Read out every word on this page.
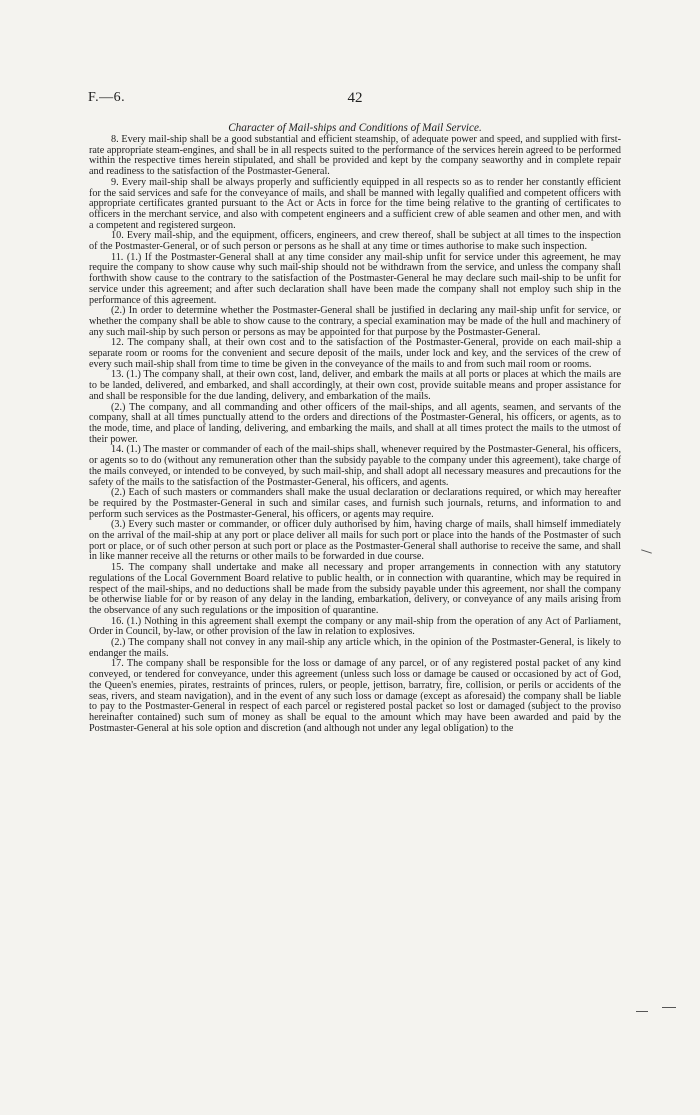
F.—6.	42
Character of Mail-ships and Conditions of Mail Service.

8. Every mail-ship shall be a good substantial and efficient steamship, of adequate power and speed, and supplied with first-rate appropriate steam-engines, and shall be in all respects suited to the performance of the services herein agreed to be performed within the respective times herein stipulated, and shall be provided and kept by the company seaworthy and in complete repair and readiness to the satisfaction of the Postmaster-General.

9. Every mail-ship shall be always properly and sufficiently equipped in all respects so as to render her constantly efficient for the said services and safe for the conveyance of mails, and shall be manned with legally qualified and competent officers with appropriate certificates granted pursuant to the Act or Acts in force for the time being relative to the granting of certificates to officers in the merchant service, and also with competent engineers and a sufficient crew of able seamen and other men, and with a competent and registered surgeon.

10. Every mail-ship, and the equipment, officers, engineers, and crew thereof, shall be subject at all times to the inspection of the Postmaster-General, or of such person or persons as he shall at any time or times authorise to make such inspection.

11. (1.) If the Postmaster-General shall at any time consider any mail-ship unfit for service under this agreement, he may require the company to show cause why such mail-ship should not be withdrawn from the service, and unless the company shall forthwith show cause to the contrary to the satisfaction of the Postmaster-General he may declare such mail-ship to be unfit for service under this agreement; and after such declaration shall have been made the company shall not employ such ship in the performance of this agreement.

(2.) In order to determine whether the Postmaster-General shall be justified in declaring any mail-ship unfit for service, or whether the company shall be able to show cause to the contrary, a special examination may be made of the hull and machinery of any such mail-ship by such person or persons as may be appointed for that purpose by the Postmaster-General.

12. The company shall, at their own cost and to the satisfaction of the Postmaster-General, provide on each mail-ship a separate room or rooms for the convenient and secure deposit of the mails, under lock and key, and the services of the crew of every such mail-ship shall from time to time be given in the conveyance of the mails to and from such mail room or rooms.

13. (1.) The company shall, at their own cost, land, deliver, and embark the mails at all ports or places at which the mails are to be landed, delivered, and embarked, and shall accordingly, at their own cost, provide suitable means and proper assistance for and shall be responsible for the due landing, delivery, and embarkation of the mails.

(2.) The company, and all commanding and other officers of the mail-ships, and all agents, seamen, and servants of the company, shall at all times punctually attend to the orders and directions of the Postmaster-General, his officers, or agents, as to the mode, time, and place of landing, delivering, and embarking the mails, and shall at all times protect the mails to the utmost of their power.

14. (1.) The master or commander of each of the mail-ships shall, whenever required by the Postmaster-General, his officers, or agents so to do (without any remuneration other than the subsidy payable to the company under this agreement), take charge of the mails conveyed, or intended to be conveyed, by such mail-ship, and shall adopt all necessary measures and precautions for the safety of the mails to the satisfaction of the Postmaster-General, his officers, and agents.

(2.) Each of such masters or commanders shall make the usual declaration or declarations required, or which may hereafter be required by the Postmaster-General in such and similar cases, and furnish such journals, returns, and information to and perform such services as the Postmaster-General, his officers, or agents may require.

(3.) Every such master or commander, or officer duly authorised by him, having charge of mails, shall himself immediately on the arrival of the mail-ship at any port or place deliver all mails for such port or place into the hands of the Postmaster of such port or place, or of such other person at such port or place as the Postmaster-General shall authorise to receive the same, and shall in like manner receive all the returns or other mails to be forwarded in due course.

15. The company shall undertake and make all necessary and proper arrangements in connection with any statutory regulations of the Local Government Board relative to public health, or in connection with quarantine, which may be required in respect of the mail-ships, and no deductions shall be made from the subsidy payable under this agreement, nor shall the company be otherwise liable for or by reason of any delay in the landing, embarkation, delivery, or conveyance of any mails arising from the observance of any such regulations or the imposition of quarantine.

16. (1.) Nothing in this agreement shall exempt the company or any mail-ship from the operation of any Act of Parliament, Order in Council, by-law, or other provision of the law in relation to explosives.

(2.) The company shall not convey in any mail-ship any article which, in the opinion of the Postmaster-General, is likely to endanger the mails.

17. The company shall be responsible for the loss or damage of any parcel, or of any registered postal packet of any kind conveyed, or tendered for conveyance, under this agreement (unless such loss or damage be caused or occasioned by act of God, the Queen's enemies, pirates, restraints of princes, rulers, or people, jettison, barratry, fire, collision, or perils or accidents of the seas, rivers, and steam navigation), and in the event of any such loss or damage (except as aforesaid) the company shall be liable to pay to the Postmaster-General in respect of each parcel or registered postal packet so lost or damaged (subject to the proviso hereinafter contained) such sum of money as shall be equal to the amount which may have been awarded and paid by the Postmaster-General at his sole option and discretion (and although not under any legal obligation) to the
